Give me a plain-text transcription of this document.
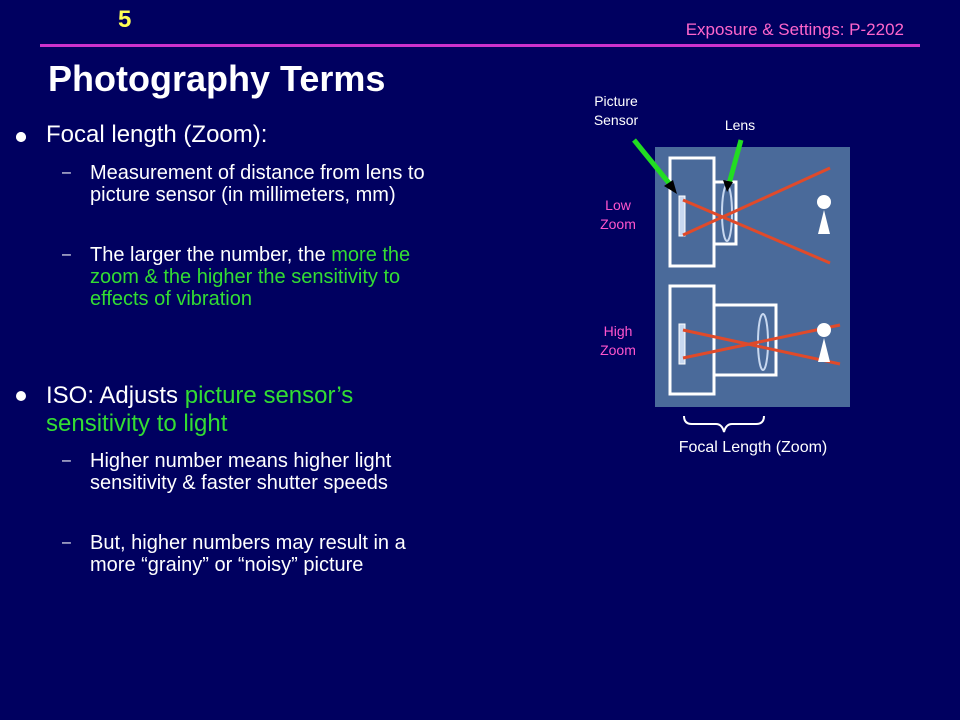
5	Exposure & Settings: P-2202
Photography Terms
Focal length (Zoom):
– Measurement of distance from lens to picture sensor (in millimeters, mm)
– The larger the number, the more the zoom & the higher the sensitivity to effects of vibration
ISO: Adjusts picture sensor’s sensitivity to light
– Higher number means higher light sensitivity & faster shutter speeds
– But, higher numbers may result in a more “grainy” or “noisy” picture
Picture
Sensor	Lens
Low
Zoom
High
Zoom
Focal Length (Zoom)
